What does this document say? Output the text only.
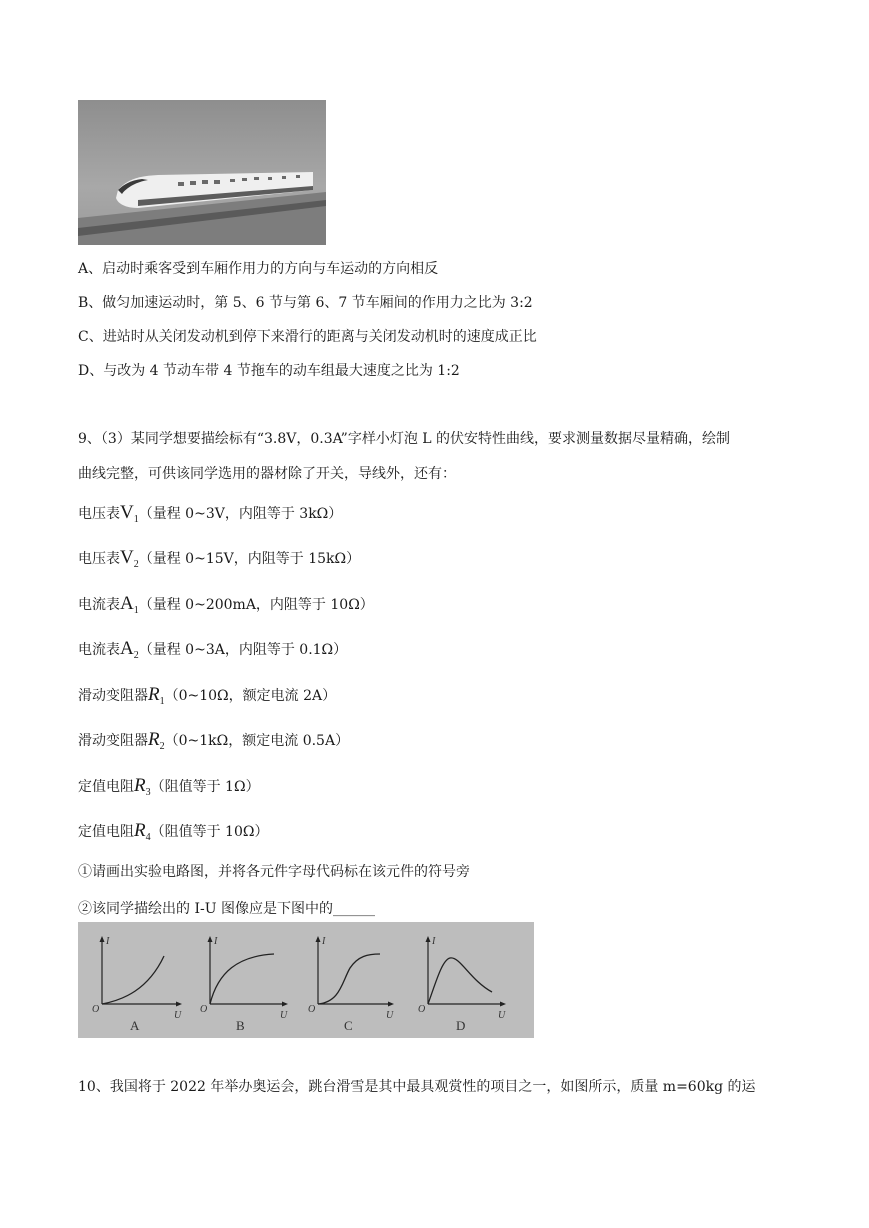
A、启动时乘客受到车厢作用力的方向与车运动的方向相反
B、做匀加速运动时，第 5、6 节与第 6、7 节车厢间的作用力之比为 3:2
C、进站时从关闭发动机到停下来滑行的距离与关闭发动机时的速度成正比
D、与改为 4 节动车带 4 节拖车的动车组最大速度之比为 1:2
9、（3）某同学想要描绘标有“3.8V，0.3A”字样小灯泡 L 的伏安特性曲线，要求测量数据尽量精确，绘制
曲线完整，可供该同学选用的器材除了开关，导线外，还有：
电压表$V_1$（量程 0~3V，内阻等于 3kΩ）
电压表$V_2$（量程 0~15V，内阻等于 15kΩ）
电流表$A_1$（量程 0~200mA，内阻等于 10Ω）
电流表$A_2$（量程 0~3A，内阻等于 0.1Ω）
滑动变阻器$R_1(0\sim 10\Omega$，额定电流 2A）
滑动变阻器$R_2(0\sim 1k\Omega$，额定电流 0.5A）
定值电阻$R_3$（阻值等于 1Ω）
定值电阻$R_4$（阻值等于 10Ω）
①请画出实验电路图，并将各元件字母代码标在该元件的符号旁
②该同学描绘出的 I-U 图像应是下图中的______
I
U
O
A
I
U
O
B
I
U
O
C
I
U
O
D
10、我国将于 2022 年举办奥运会，跳台滑雪是其中最具观赏性的项目之一，如图所示，质量 m=60kg 的运
